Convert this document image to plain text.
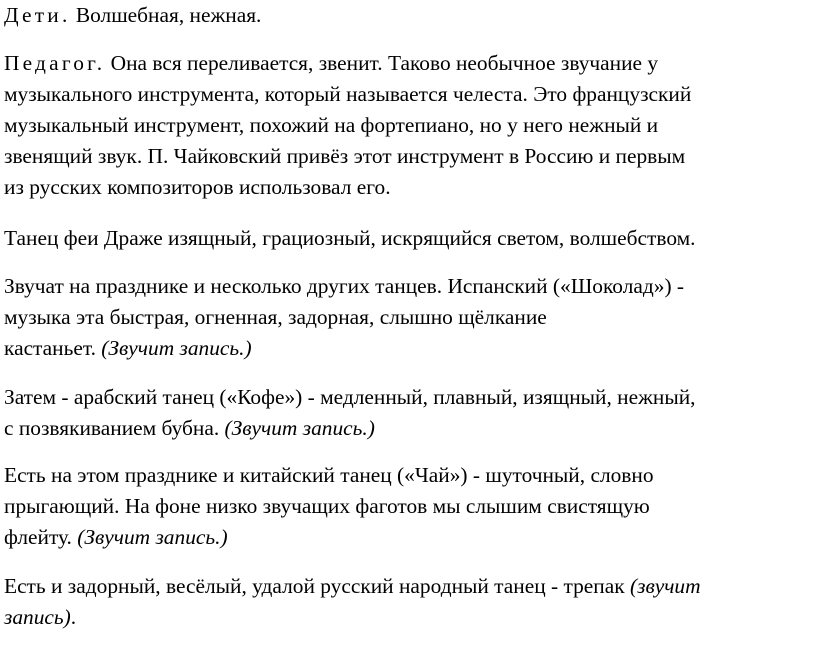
Дети. Волшебная, нежная.

Педагог. Она вся переливается, звенит. Таково необычное звучание у
музыкального инструмента, который называется челеста. Это французский
музыкальный инструмент, похожий на фортепиано, но у него нежный и
звенящий звук. П. Чайковский привёз этот инструмент в Россию и первым
из русских композиторов использовал его.

Танец феи Драже изящный, грациозный, искрящийся светом, волшебством.

Звучат на празднике и несколько других танцев. Испанский («Шоколад») -
музыка эта быстрая, огненная, задорная, слышно щёлкание
кастаньет. (Звучит запись.)

Затем - арабский танец («Кофе») - медленный, плавный, изящный, нежный,
с позвякиванием бубна. (Звучит запись.)

Есть на этом празднике и китайский танец («Чай») - шуточный, словно
прыгающий. На фоне низко звучащих фаготов мы слышим свистящую
флейту. (Звучит запись.)

Есть и задорный, весёлый, удалой русский народный танец - трепак (звучит
запись).
